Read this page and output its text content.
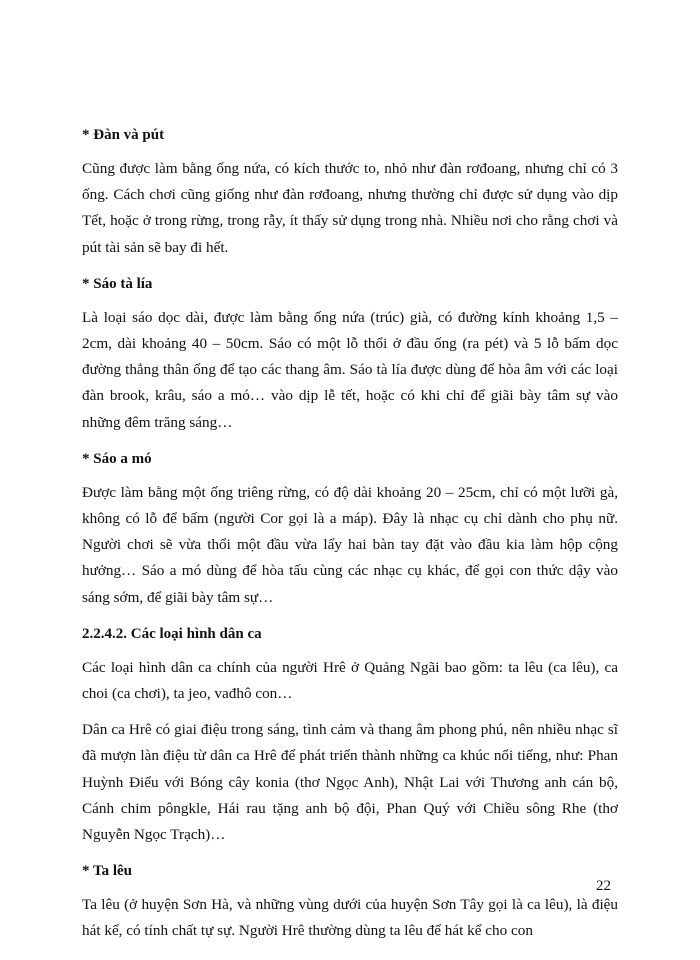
* Đàn và pút

Cũng được làm bằng ống nứa, có kích thước to, nhỏ như đàn rơđoang, nhưng chỉ có 3 ống. Cách chơi cũng giống như đàn rơđoang, nhưng thường chỉ được sử dụng vào dịp Tết, hoặc ở trong rừng, trong rẫy, ít thấy sử dụng trong nhà. Nhiều nơi cho rằng chơi và pút tài sản sẽ bay đi hết.

* Sáo tà lía

Là loại sáo dọc dài, được làm bằng ống nứa (trúc) già, có đường kính khoảng 1,5 – 2cm, dài khoảng 40 – 50cm. Sáo có một lỗ thổi ở đầu ống (ra pét) và 5 lỗ bấm dọc đường thẳng thân ống để tạo các thang âm. Sáo tà lía được dùng để hòa âm với các loại đàn brook, krâu, sáo a mó… vào dịp lễ tết, hoặc có khi chỉ để giãi bày tâm sự vào những đêm trăng sáng…

* Sáo a mó

Được làm bằng một ống triêng rừng, có độ dài khoảng 20 – 25cm, chỉ có một lưỡi gà, không có lỗ để bấm (người Cor gọi là a máp). Đây là nhạc cụ chỉ dành cho phụ nữ. Người chơi sẽ vừa thổi một đầu vừa lấy hai bàn tay đặt vào đầu kia làm hộp cộng hưởng… Sáo a mó dùng để hòa tấu cùng các nhạc cụ khác, để gọi con thức dậy vào sáng sớm, để giãi bày tâm sự…

2.2.4.2. Các loại hình dân ca

Các loại hình dân ca chính của người Hrê ở Quảng Ngãi bao gồm: ta lêu (ca lêu), ca choi (ca chơi), ta jeo, vađhô con…

Dân ca Hrê có giai điệu trong sáng, tình cảm và thang âm phong phú, nên nhiều nhạc sĩ đã mượn làn điệu từ dân ca Hrê để phát triển thành những ca khúc nổi tiếng, như: Phan Huỳnh Điểu với Bóng cây konia (thơ Ngọc Anh), Nhật Lai với Thương anh cán bộ, Cánh chim pôngkle, Hái rau tặng anh bộ đội, Phan Quý với Chiều sông Rhe (thơ Nguyễn Ngọc Trạch)…

* Ta lêu

Ta lêu (ở huyện Sơn Hà, và những vùng dưới của huyện Sơn Tây gọi là ca lêu), là điệu hát kể, có tính chất tự sự. Người Hrê thường dùng ta lêu để hát kể cho con

22
